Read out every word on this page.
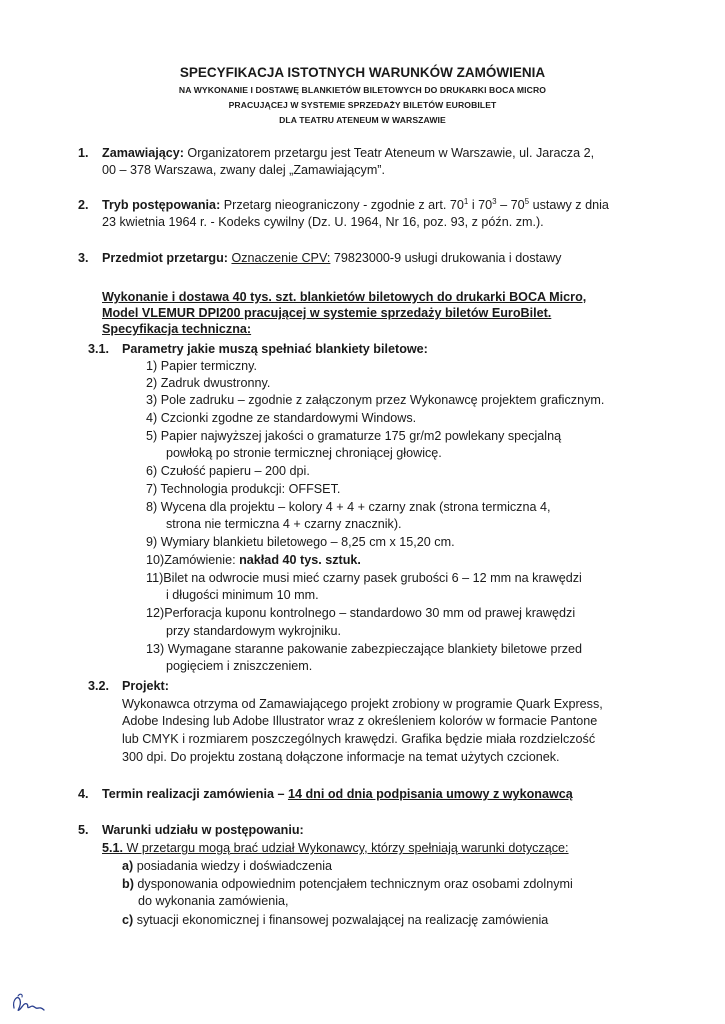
SPECYFIKACJA ISTOTNYCH WARUNKÓW ZAMÓWIENIA
NA WYKONANIE I DOSTAWĘ BLANKIETÓW BILETOWYCH DO DRUKARKI BOCA MICRO
PRACUJĄCEJ W SYSTEMIE SPRZEDAŻY BILETÓW EUROBILET
DLA TEATRU ATENEUM W WARSZAWIE
1. Zamawiający: Organizatorem przetargu jest Teatr Ateneum w Warszawie, ul. Jaracza 2,
00 – 378 Warszawa, zwany dalej „Zamawiającym”.
2. Tryb postępowania: Przetarg nieograniczony - zgodnie z art. $70^1$ i $70^3 - 70^5$ ustawy z dnia
23 kwietnia 1964 r. - Kodeks cywilny (Dz. U. 1964, Nr 16, poz. 93, z późn. zm.).
3. Przedmiot przetargu: Oznaczenie CPV: 79823000-9 usługi drukowania i dostawy
Wykonanie i dostawa 40 tys. szt. blankietów biletowych do drukarki BOCA Micro,
Model VLEMUR DPI200 pracującej w systemie sprzedaży biletów EuroBilet.
Specyfikacja techniczna:
3.1. Parametry jakie muszą spełniać blankiety biletowe:
1) Papier termiczny.
2) Zadruk dwustronny.
3) Pole zadruku – zgodnie z załączonym przez Wykonawcę projektem graficznym.
4) Czcionki zgodne ze standardowymi Windows.
5) Papier najwyższej jakości o gramaturze 175 gr/m2 powlekany specjalną
powłoką po stronie termicznej chroniącej głowicę.
6) Czułość papieru – 200 dpi.
7) Technologia produkcji: OFFSET.
8) Wycena dla projektu – kolory 4 + 4 + czarny znak (strona termiczna 4,
strona nie termiczna 4 + czarny znacznik).
9) Wymiary blankietu biletowego – 8,25 cm x 15,20 cm.
10)Zamówienie: nakład 40 tys. sztuk.
11)Bilet na odwrocie musi mieć czarny pasek grubości 6 – 12 mm na krawędzi
i długości minimum 10 mm.
12)Perforacja kuponu kontrolnego – standardowo 30 mm od prawej krawędzi
przy standardowym wykrojniku.
13) Wymagane staranne pakowanie zabezpieczające blankiety biletowe przed
pogięciem i zniszczeniem.
3.2. Projekt:
Wykonawca otrzyma od Zamawiającego projekt zrobiony w programie Quark Express,
Adobe Indesing lub Adobe Illustrator wraz z określeniem kolorów w formacie Pantone
lub CMYK i rozmiarem poszczególnych krawędzi. Grafika będzie miała rozdzielczość
300 dpi. Do projektu zostaną dołączone informacje na temat użytych czcionek.
4. Termin realizacji zamówienia – 14 dni od dnia podpisania umowy z wykonawcą
5. Warunki udziału w postępowaniu:
5.1. W przetargu mogą brać udział Wykonawcy, którzy spełniają warunki dotyczące:
a) posiadania wiedzy i doświadczenia
b) dysponowania odpowiednim potencjałem technicznym oraz osobami zdolnymi
do wykonania zamówienia,
c) sytuacji ekonomicznej i finansowej pozwalającej na realizację zamówienia
